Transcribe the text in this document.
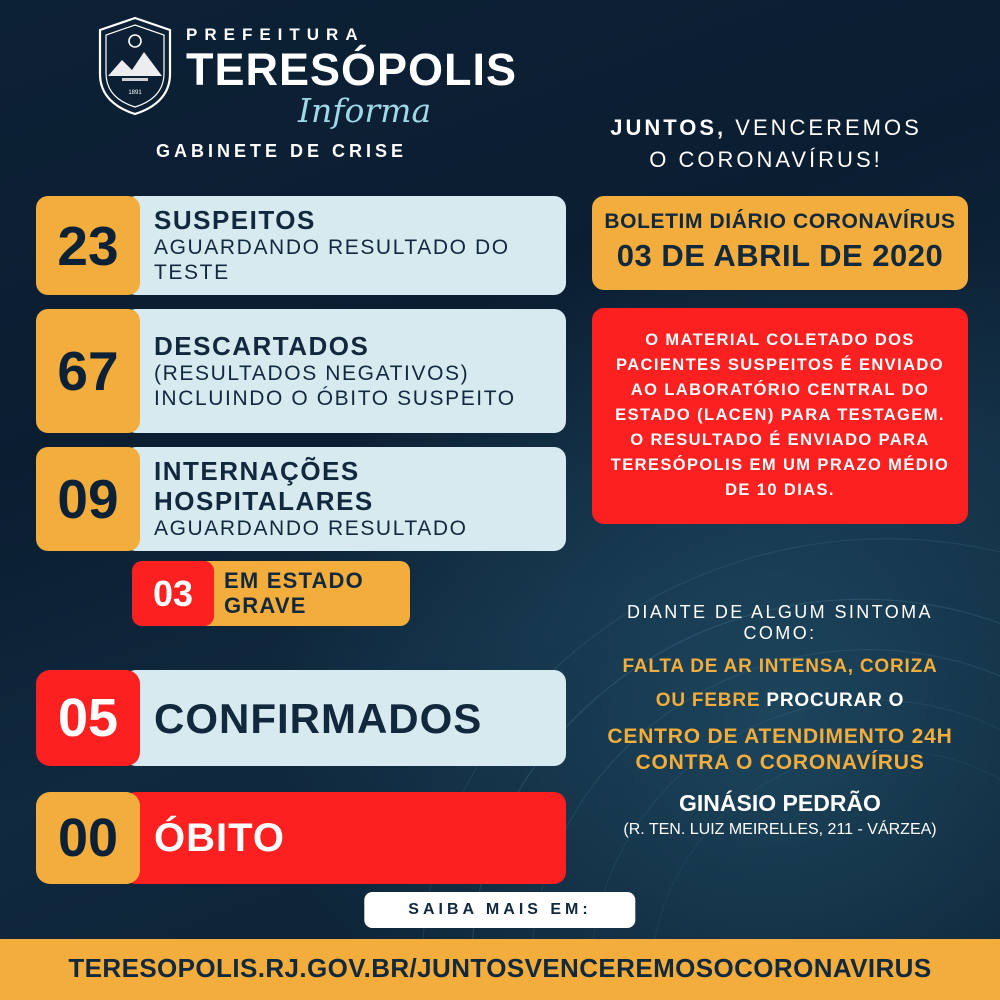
1891
PREFEITURA
TERESÓPOLIS
Informa
GABINETE DE CRISE
JUNTOS, VENCEREMOS
O CORONAVÍRUS!
23	SUSPEITOS
AGUARDANDO RESULTADO DO TESTE
67	DESCARTADOS
(RESULTADOS NEGATIVOS) INCLUINDO O ÓBITO SUSPEITO
09	INTERNAÇÕES HOSPITALARES
AGUARDANDO RESULTADO
03	EM ESTADO GRAVE
05 CONFIRMADOS
00 ÓBITO
BOLETIM DIÁRIO CORONAVÍRUS
03 DE ABRIL DE 2020
O MATERIAL COLETADO DOS PACIENTES SUSPEITOS É ENVIADO AO LABORATÓRIO CENTRAL DO ESTADO (LACEN) PARA TESTAGEM. O RESULTADO É ENVIADO PARA TERESÓPOLIS EM UM PRAZO MÉDIO DE 10 DIAS.
DIANTE DE ALGUM SINTOMA COMO:
FALTA DE AR INTENSA, CORIZA
OU FEBRE PROCURAR O
CENTRO DE ATENDIMENTO 24H
CONTRA O CORONAVÍRUS
GINÁSIO PEDRÃO
(R. TEN. LUIZ MEIRELLES, 211 - VÁRZEA)
SAIBA MAIS EM:
TERESOPOLIS.RJ.GOV.BR/JUNTOSVENCEREMOSOCORONAVIRUS
